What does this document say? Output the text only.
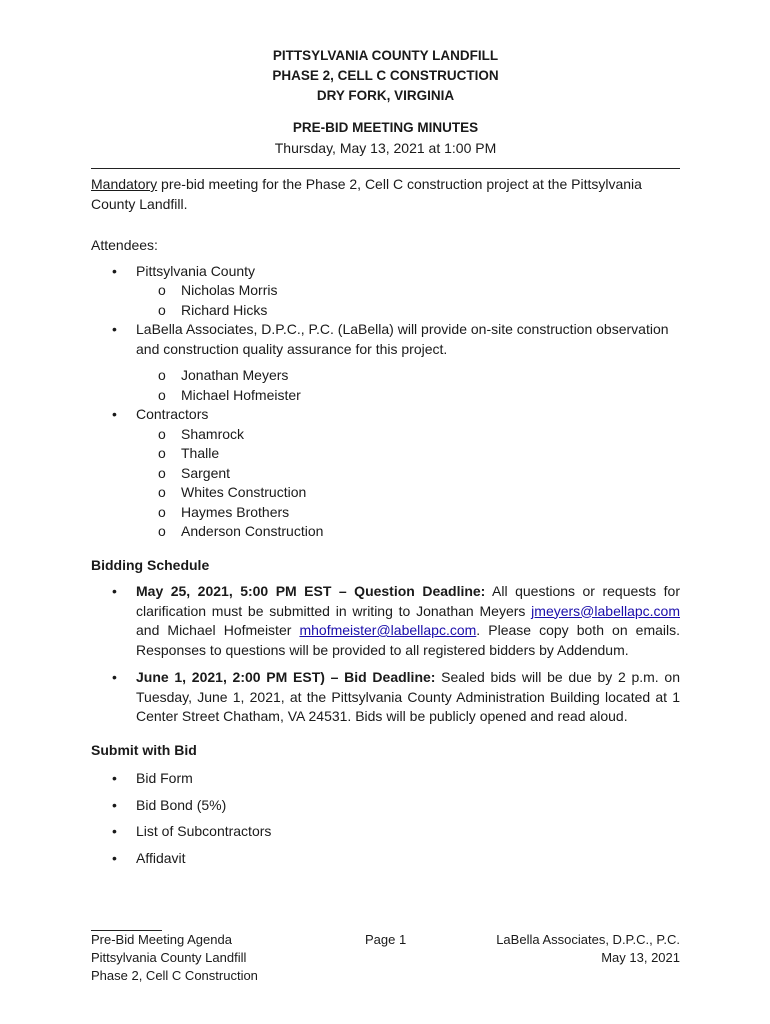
PITTSYLVANIA COUNTY LANDFILL
PHASE 2, CELL C CONSTRUCTION
DRY FORK, VIRGINIA
PRE-BID MEETING MINUTES
Thursday, May 13, 2021 at 1:00 PM

Mandatory pre-bid meeting for the Phase 2, Cell C construction project at the Pittsylvania County Landfill.

Attendees:

• Pittsylvania County
o Nicholas Morris
o Richard Hicks
• LaBella Associates, D.P.C., P.C. (LaBella) will provide on-site construction observation and construction quality assurance for this project.
o Jonathan Meyers
o Michael Hofmeister
• Contractors
o Shamrock
o Thalle
o Sargent
o Whites Construction
o Haymes Brothers
o Anderson Construction

Bidding Schedule

• May 25, 2021, 5:00 PM EST – Question Deadline: All questions or requests for clarification must be submitted in writing to Jonathan Meyers jmeyers@labellapc.com and Michael Hofmeister mhofmeister@labellapc.com. Please copy both on emails. Responses to questions will be provided to all registered bidders by Addendum.
• June 1, 2021, 2:00 PM EST) – Bid Deadline: Sealed bids will be due by 2 p.m. on Tuesday, June 1, 2021, at the Pittsylvania County Administration Building located at 1 Center Street Chatham, VA 24531. Bids will be publicly opened and read aloud.

Submit with Bid

• Bid Form
• Bid Bond (5%)
• List of Subcontractors
• Affidavit
Pre-Bid Meeting Agenda
Pittsylvania County Landfill
Phase 2, Cell C Construction
Page 1	LaBella Associates, D.P.C., P.C.
May 13, 2021
